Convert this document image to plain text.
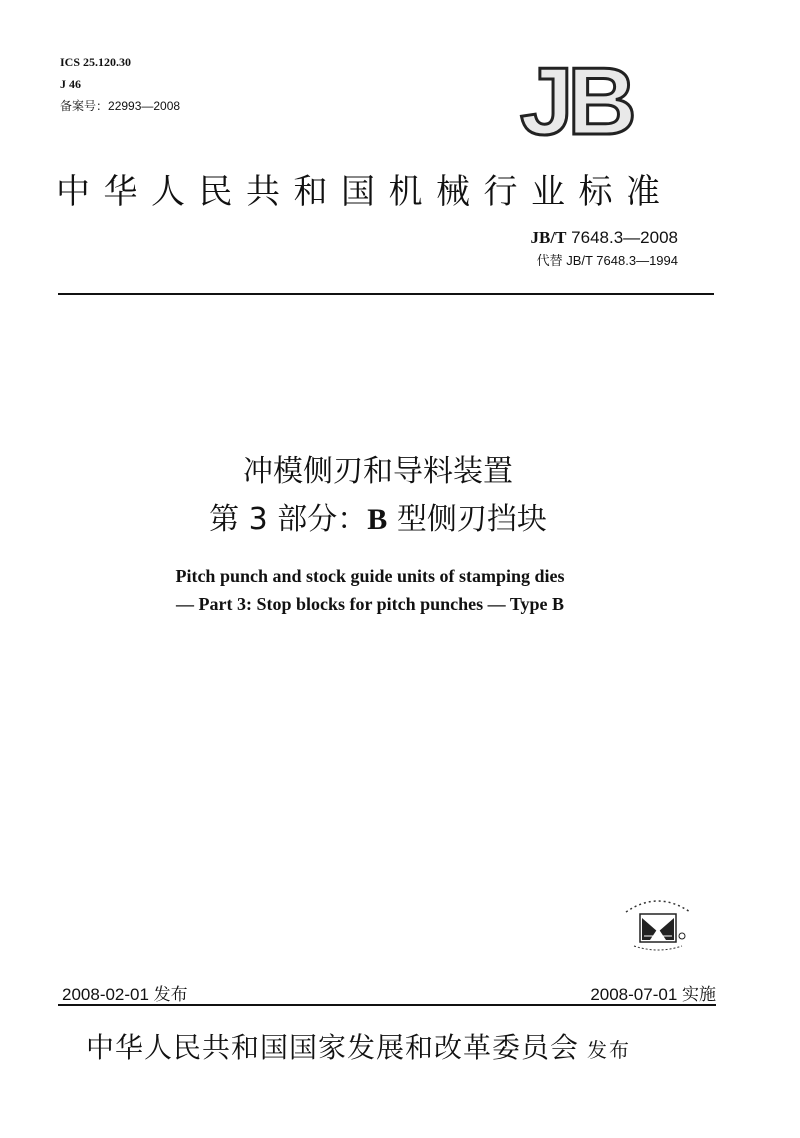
ICS 25.120.30
J 46
备案号：22993—2008	JB
中华人民共和国机械行业标准
JB/T 7648.3—2008
代替 JB/T 7648.3—1994
冲模侧刃和导料装置
第 3 部分：B 型侧刃挡块
Pitch punch and stock guide units of stamping dies
— Part 3: Stop blocks for pitch punches — Type B
2008-02-01 发布	2008-07-01 实施
中华人民共和国国家发展和改革委员会 发布
